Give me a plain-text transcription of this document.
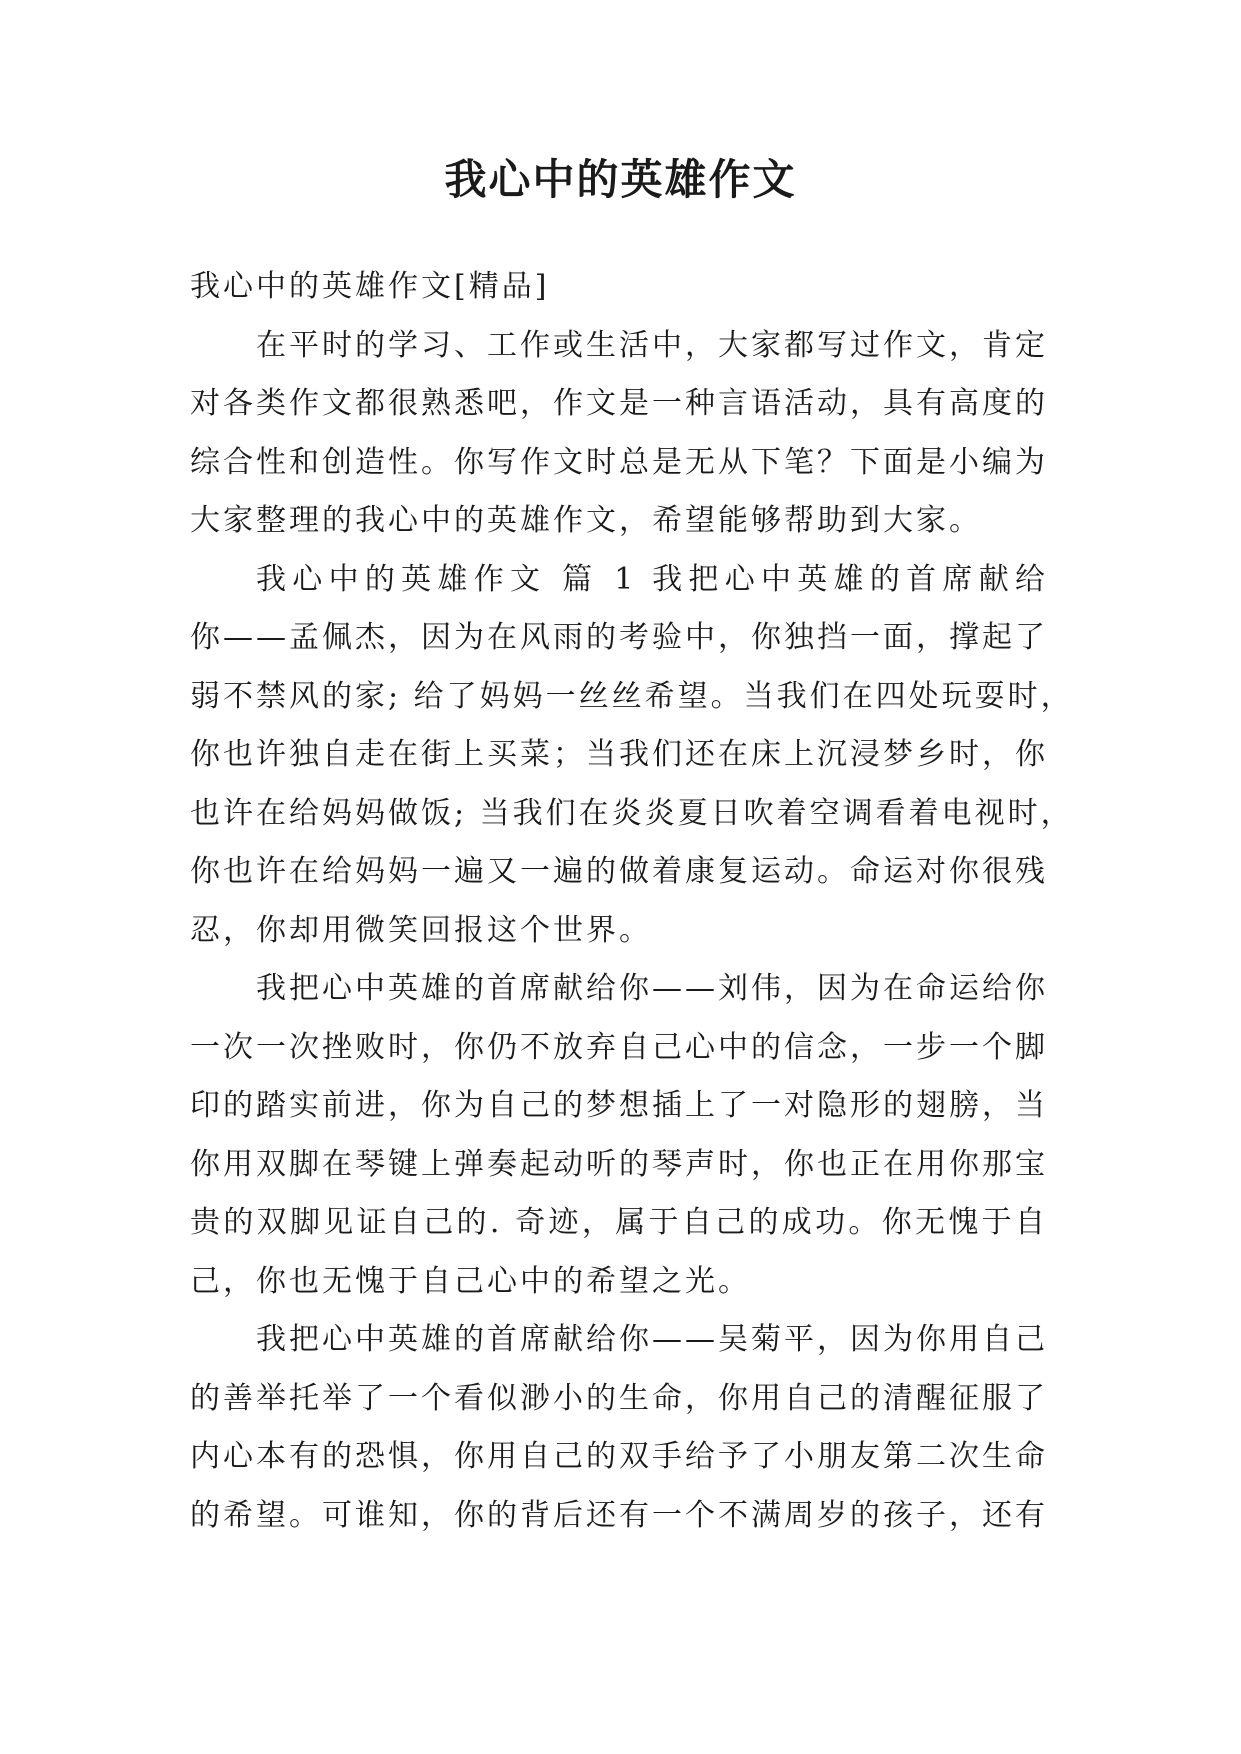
我心中的英雄作文
我心中的英雄作文[精品]
在平时的学习、工作或生活中，大家都写过作文，肯定
对各类作文都很熟悉吧，作文是一种言语活动，具有高度的
综合性和创造性。你写作文时总是无从下笔？下面是小编为
大家整理的我心中的英雄作文，希望能够帮助到大家。
我心中的英雄作文 篇 1 我把心中英雄的首席献给
你——孟佩杰，因为在风雨的考验中，你独挡一面，撑起了
弱不禁风的家; 给了妈妈一丝丝希望。当我们在四处玩耍时，
你也许独自走在街上买菜；当我们还在床上沉浸梦乡时，你
也许在给妈妈做饭; 当我们在炎炎夏日吹着空调看着电视时，
你也许在给妈妈一遍又一遍的做着康复运动。命运对你很残
忍，你却用微笑回报这个世界。
我把心中英雄的首席献给你——刘伟，因为在命运给你
一次一次挫败时，你仍不放弃自己心中的信念，一步一个脚
印的踏实前进，你为自己的梦想插上了一对隐形的翅膀，当
你用双脚在琴键上弹奏起动听的琴声时，你也正在用你那宝
贵的双脚见证自己的. 奇迹，属于自己的成功。你无愧于自
己，你也无愧于自己心中的希望之光。
我把心中英雄的首席献给你——吴菊平，因为你用自己
的善举托举了一个看似渺小的生命，你用自己的清醒征服了
内心本有的恐惧，你用自己的双手给予了小朋友第二次生命
的希望。可谁知，你的背后还有一个不满周岁的孩子，还有
